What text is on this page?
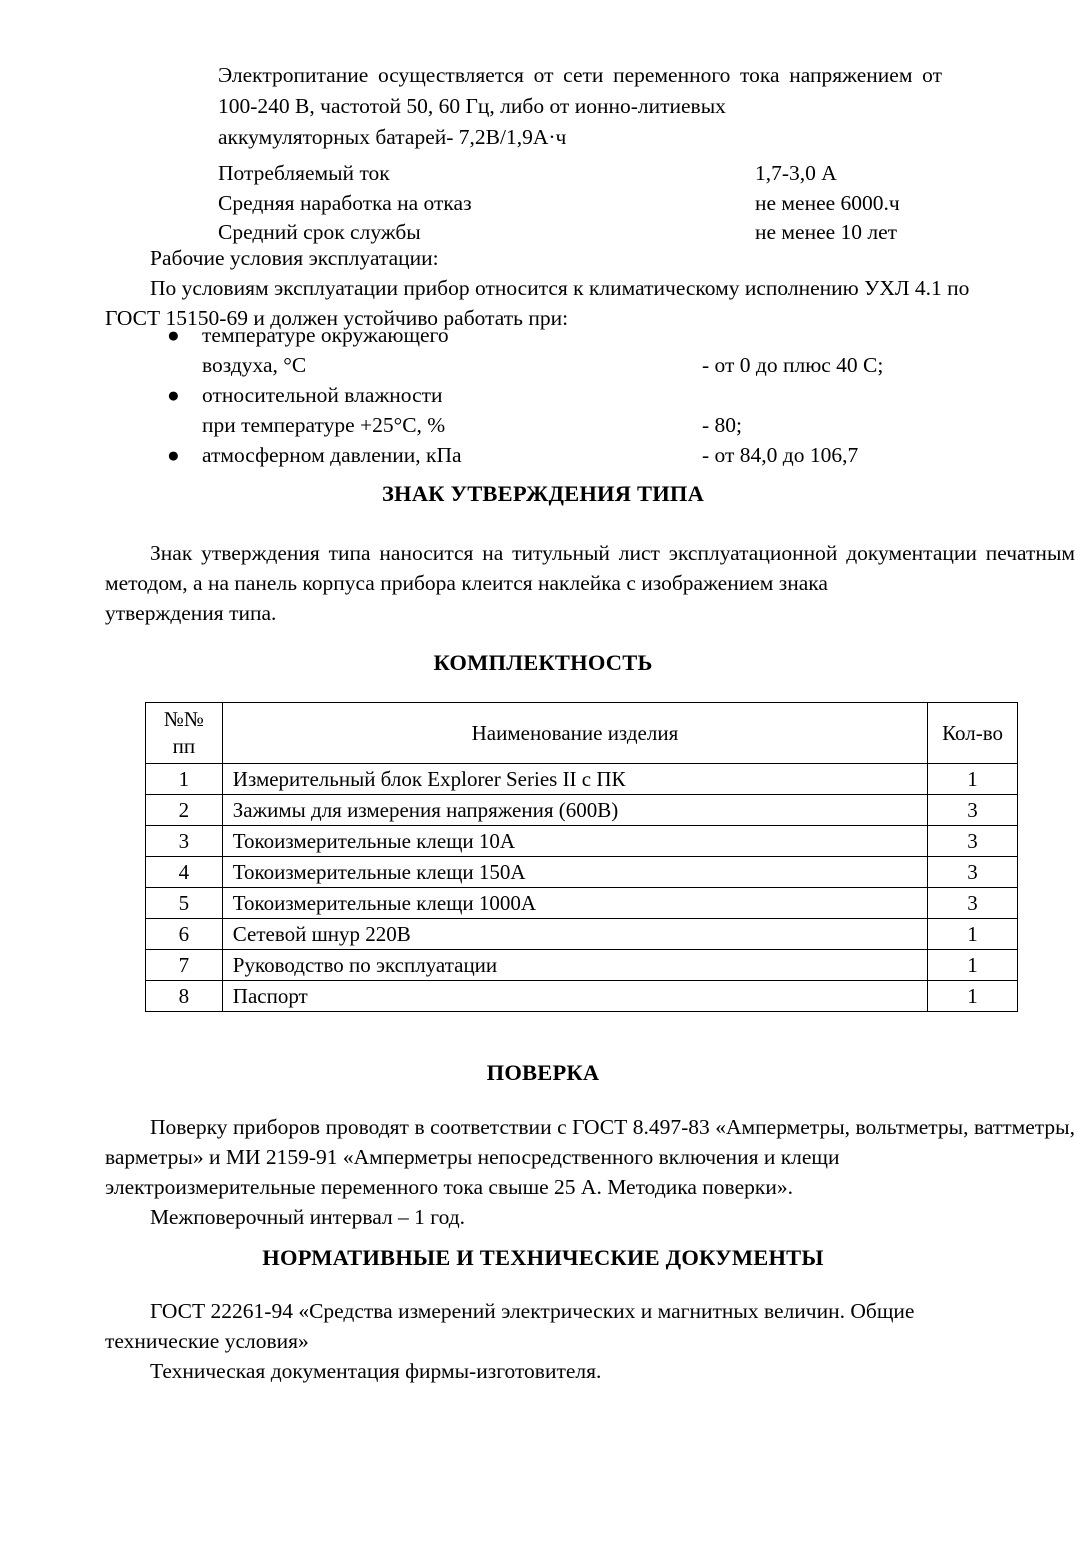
Электропитание осуществляется от сети переменного тока напряжением от 100-240 В, частотой 50, 60 Гц, либо от ионно-литиевых
аккумуляторных батарей- 7,2В/1,9А·ч

Потребляемый ток	1,7-3,0 А
Средняя наработка на отказ	не менее 6000.ч
Средний срок службы	не менее 10 лет

Рабочие условия эксплуатации:

По условиям эксплуатации прибор относится к климатическому исполнению УХЛ 4.1 по
ГОСТ 15150-69 и должен устойчиво работать при:

● температуре окружающего
воздуха, °С	- от 0 до плюс 40 С;
● относительной влажности
при температуре +25°С, %	- 80;
● атмосферном давлении, кПа	- от 84,0 до 106,7
ЗНАК УТВЕРЖДЕНИЯ ТИПА

Знак утверждения типа наносится на титульный лист эксплуатационной документации печатным методом, а на панель корпуса прибора клеится наклейка с изображением знака
утверждения типа.

КОМПЛЕКТНОСТЬ
№№
пп	Наименование изделия	Кол-во
1	Измерительный блок Explorer Series II с ПК	1
2	Зажимы для измерения напряжения (600В)	3
3	Токоизмерительные клещи 10А	3
4	Токоизмерительные клещи 150А	3
5	Токоизмерительные клещи 1000А	3
6	Сетевой шнур 220В	1
7	Руководство по эксплуатации	1
8	Паспорт	1
ПОВЕРКА

Поверку приборов проводят в соответствии с ГОСТ 8.497-83 «Амперметры, вольтметры, ваттметры, варметры» и МИ 2159-91 «Амперметры непосредственного включения и клещи
электроизмерительные переменного тока свыше 25 А. Методика поверки».

Межповерочный интервал – 1 год.

НОРМАТИВНЫЕ И ТЕХНИЧЕСКИЕ ДОКУМЕНТЫ

ГОСТ 22261-94 «Средства измерений электрических и магнитных величин. Общие
технические условия»

Техническая документация фирмы-изготовителя.
